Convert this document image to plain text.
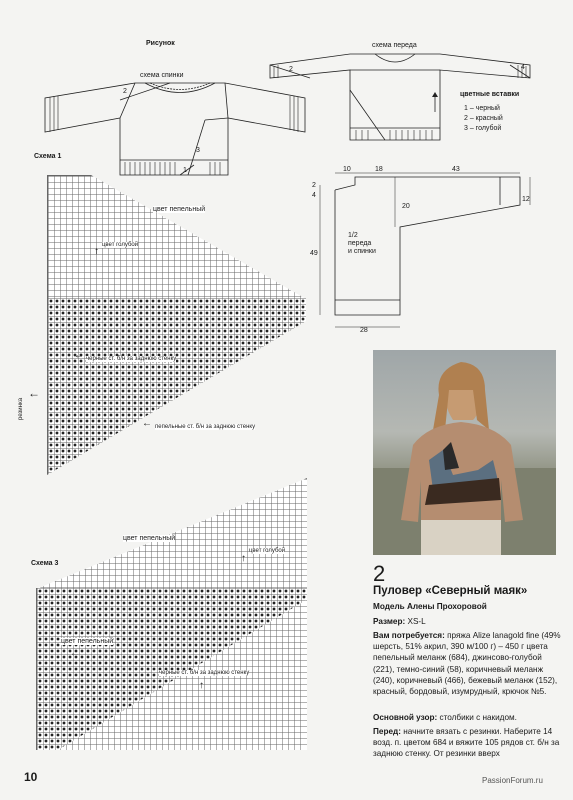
Рисунок
схема спинки
схема переда
2
3
1
2	4
цветные вставки
1 – черный
2 – красный
3 – голубой
Схема 1
цвет пепельный
цвет голубой
↑
черные ст. б/н за заднюю стенку
←
пепельные ст. б/н за заднюю стенку
←
←
резинка
10	18	43
2
4
49
20
12
28
1/2
переда
и спинки
Схема 3
цвет пепельный
цвет голубой
↑
цвет пепельный
←
черные ст. б/н за заднюю стенку
↑
2
Пуловер «Северный маяк»
Модель Алены Прохоровой
Размер: XS-L
Вам потребуется: пряжа Alize lanagold fine (49% шерсть, 51% акрил, 390 м/100 г) – 450 г цвета пепельный меланж (684), джинсово-голубой (221), темно-синий (58), коричневый меланж (240), коричневый (466), бежевый меланж (152), красный, бордовый, изумрудный, крючок №5.
Основной узор: столбики с накидом.
Перед: начните вязать с резинки. Наберите 14 возд. п. цветом 684 и вяжите 105 рядов ст. б/н за заднюю стенку. От резинки вверх
10	PassionForum.ru
